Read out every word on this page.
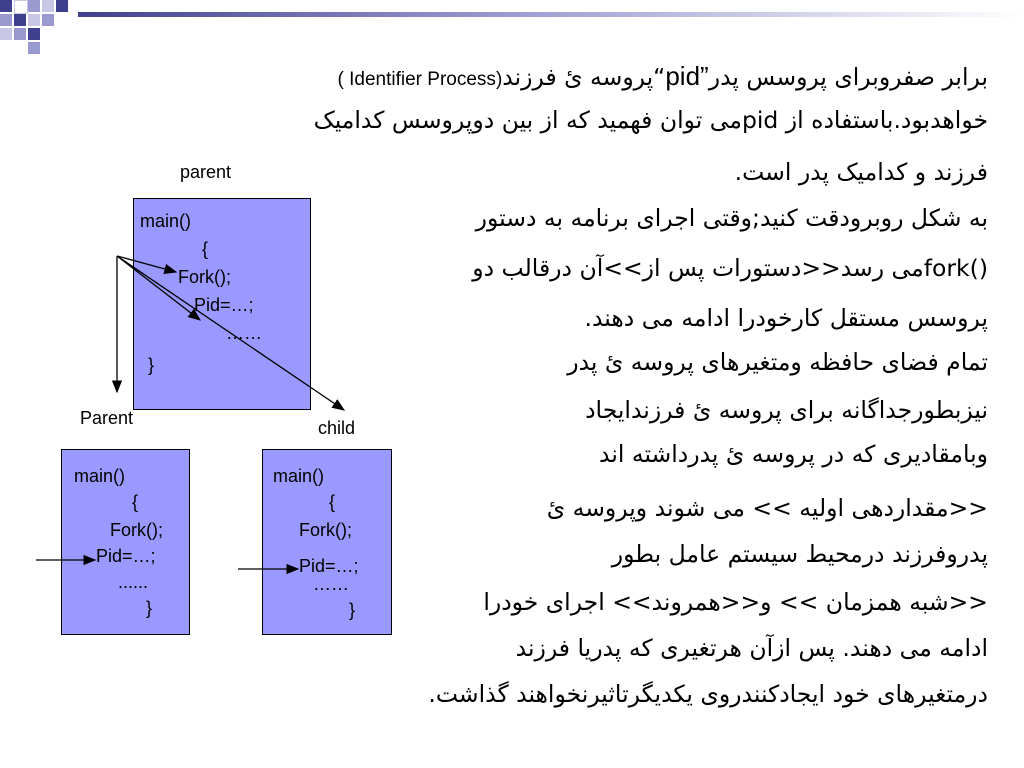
برابر صفروبرای پروسس پدر”pid“پروسه ئ فرزند(Identifier Process )
خواهدبود.باستفاده از pidمی توان فهمید که از بین دوپروسس کدامیک
فرزند و کدامیک پدر است.
به شکل روبرودقت کنید;وقتی اجرای برنامه به دستور
()forkمی رسد<<دستورات پس از>>آن درقالب دو
پروسس مستقل کارخودرا ادامه می دهند.
تمام فضای حافظه ومتغیرهای پروسه ئ پدر
نیزبطورجداگانه برای پروسه ئ فرزندایجاد
وبامقادیری که در پروسه ئ پدرداشته اند
<<مقداردهی اولیه >> می شوند وپروسه ئ
پدروفرزند درمحیط سیستم عامل بطور
<<شبه همزمان >> و<<همروند>> اجرای خودرا
ادامه می دهند. پس ازآن هرتغیری که پدریا فرزند
درمتغیرهای خود ایجادکنندروی یکدیگرتاثیرنخواهند گذاشت.
parent
Parent	child
main()
{
Fork();
Pid=…;
……
}
main()
{
Fork();
Pid=…;
......
}
main()
{
Fork();
Pid=…;
……
}
